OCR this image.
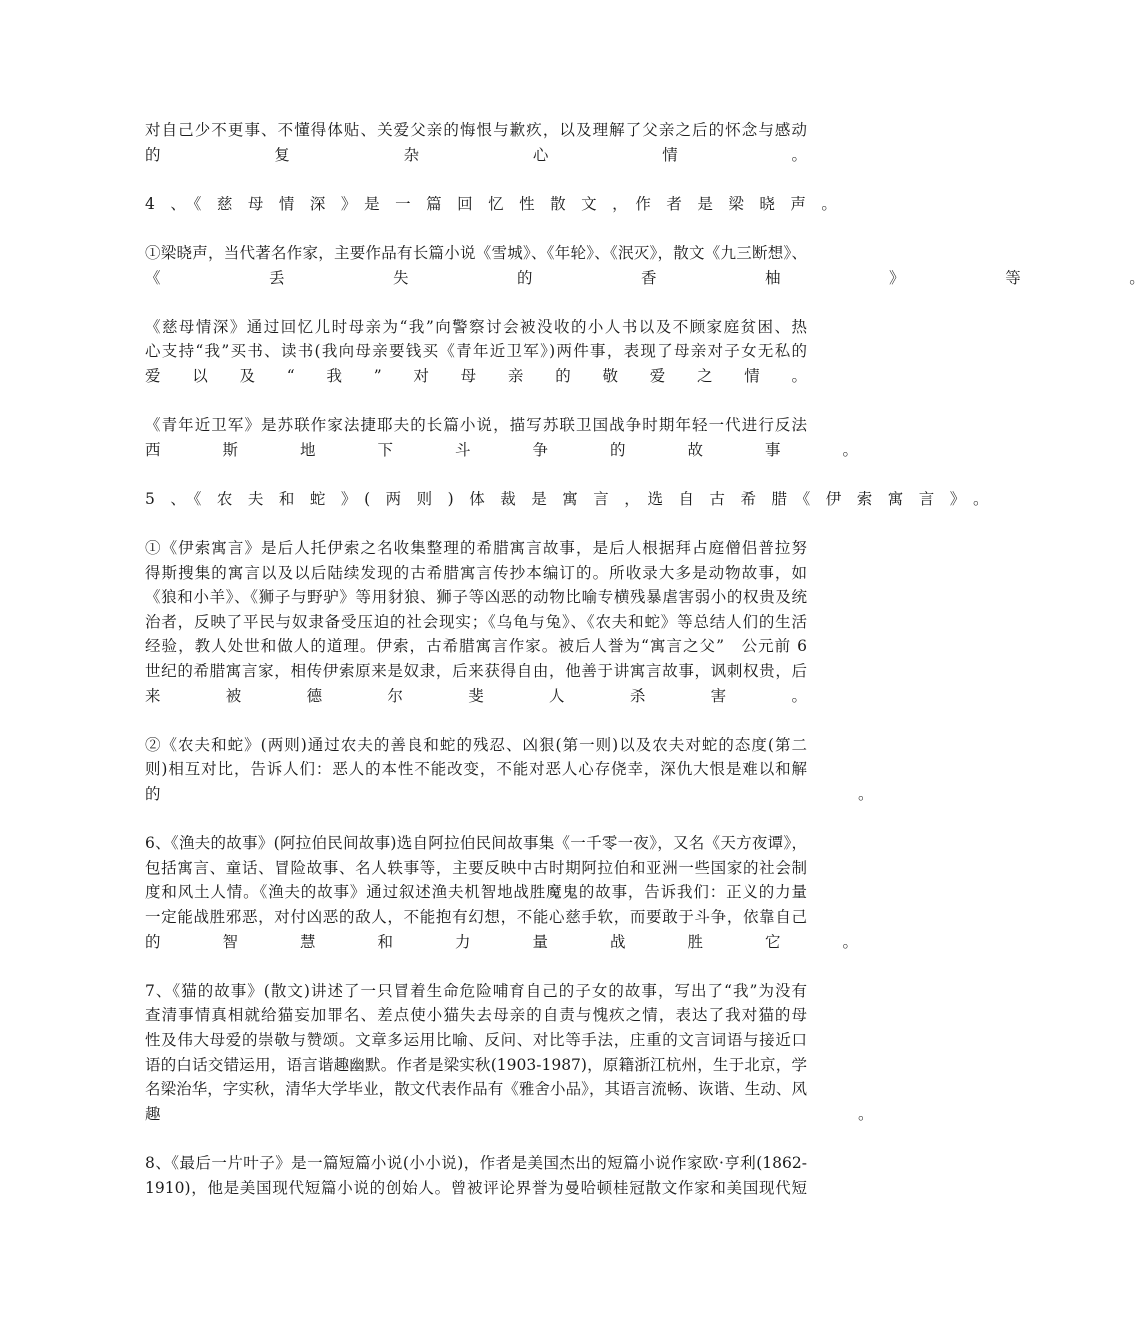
对自己少不更事、不懂得体贴、关爱父亲的悔恨与歉疚，以及理解了父亲之后的怀念与感动
的　　　　　　　复　　　　　　　杂　　　　　　　心　　　　　　　情　　　　　　　。
4　、　《　慈　母　情　深　》　是　一　篇　回　忆　性　散　文　，　作　者　是　梁　晓　声　。
①梁晓声，当代著名作家，主要作品有长篇小说《雪城》、《年轮》、《泯灭》，散文《九三断想》、
《　　　　　　　丢　　　　　　　失　　　　　　　的　　　　　　　香　　　　　　　柚　　　　　　　》　　　　　　　等　　　　　　　。
《慈母情深》通过回忆儿时母亲为“我”向警察讨会被没收的小人书以及不顾家庭贫困、热
心支持“我”买书、读书(我向母亲要钱买《青年近卫军》)两件事，表现了母亲对子女无私的
爱　　以　　及　　“　　我　　”　　对　　母　　亲　　的　　敬　　爱　　之　　情　　。
《青年近卫军》是苏联作家法捷耶夫的长篇小说，描写苏联卫国战争时期年轻一代进行反法
西　　　　斯　　　　地　　　　下　　　　斗　　　　争　　　　的　　　　故　　　　事　　　　。
5　、　《　农　夫　和　蛇　》　(　两　则　)　体　裁　是　寓　言　，　选　自　古　希　腊　《　伊　索　寓　言　》　。
①《伊索寓言》是后人托伊索之名收集整理的希腊寓言故事，是后人根据拜占庭僧侣普拉努
得斯搜集的寓言以及以后陆续发现的古希腊寓言传抄本编订的。所收录大多是动物故事，如
《狼和小羊》、《狮子与野驴》等用豺狼、狮子等凶恶的动物比喻专横残暴虐害弱小的权贵及统
治者，反映了平民与奴隶备受压迫的社会现实；《乌龟与兔》、《农夫和蛇》等总结人们的生活
经验，教人处世和做人的道理。伊索，古希腊寓言作家。被后人誉为“寓言之父”　公元前 6
世纪的希腊寓言家，相传伊索原来是奴隶，后来获得自由，他善于讲寓言故事，讽刺权贵，后
来　　　　被　　　　德　　　　尔　　　　斐　　　　人　　　　杀　　　　害　　　　。
②《农夫和蛇》(两则)通过农夫的善良和蛇的残忍、凶狠(第一则)以及农夫对蛇的态度(第二
则)相互对比，告诉人们：恶人的本性不能改变，不能对恶人心存侥幸，深仇大恨是难以和解
的　　　　　　　　　　　　　　　　　　　　　　　　　　　　　　　　　　　　　　　　　　　　　。
6、《渔夫的故事》(阿拉伯民间故事)选自阿拉伯民间故事集《一千零一夜》，又名《天方夜谭》，
包括寓言、童话、冒险故事、名人轶事等，主要反映中古时期阿拉伯和亚洲一些国家的社会制
度和风土人情。《渔夫的故事》通过叙述渔夫机智地战胜魔鬼的故事，告诉我们：正义的力量
一定能战胜邪恶，对付凶恶的敌人，不能抱有幻想，不能心慈手软，而要敢于斗争，依靠自己
的　　　　智　　　　慧　　　　和　　　　力　　　　量　　　　战　　　　胜　　　　它　　　　。
7、《猫的故事》(散文)讲述了一只冒着生命危险哺育自己的子女的故事，写出了“我”为没有
查清事情真相就给猫妄加罪名、差点使小猫失去母亲的自责与愧疚之情，表达了我对猫的母
性及伟大母爱的崇敬与赞颂。文章多运用比喻、反问、对比等手法，庄重的文言词语与接近口
语的白话交错运用，语言谐趣幽默。作者是梁实秋(1903-1987)，原籍浙江杭州，生于北京，学
名梁治华，字实秋，清华大学毕业，散文代表作品有《雅舍小品》，其语言流畅、诙谐、生动、风
趣　　　　　　　　　　　　　　　　　　　　　　　　　　　　　　　　　　　　　　　　　　　　　。
8、《最后一片叶子》是一篇短篇小说(小小说)，作者是美国杰出的短篇小说作家欧·亨利(1862-
1910)，他是美国现代短篇小说的创始人。曾被评论界誉为曼哈顿桂冠散文作家和美国现代短
